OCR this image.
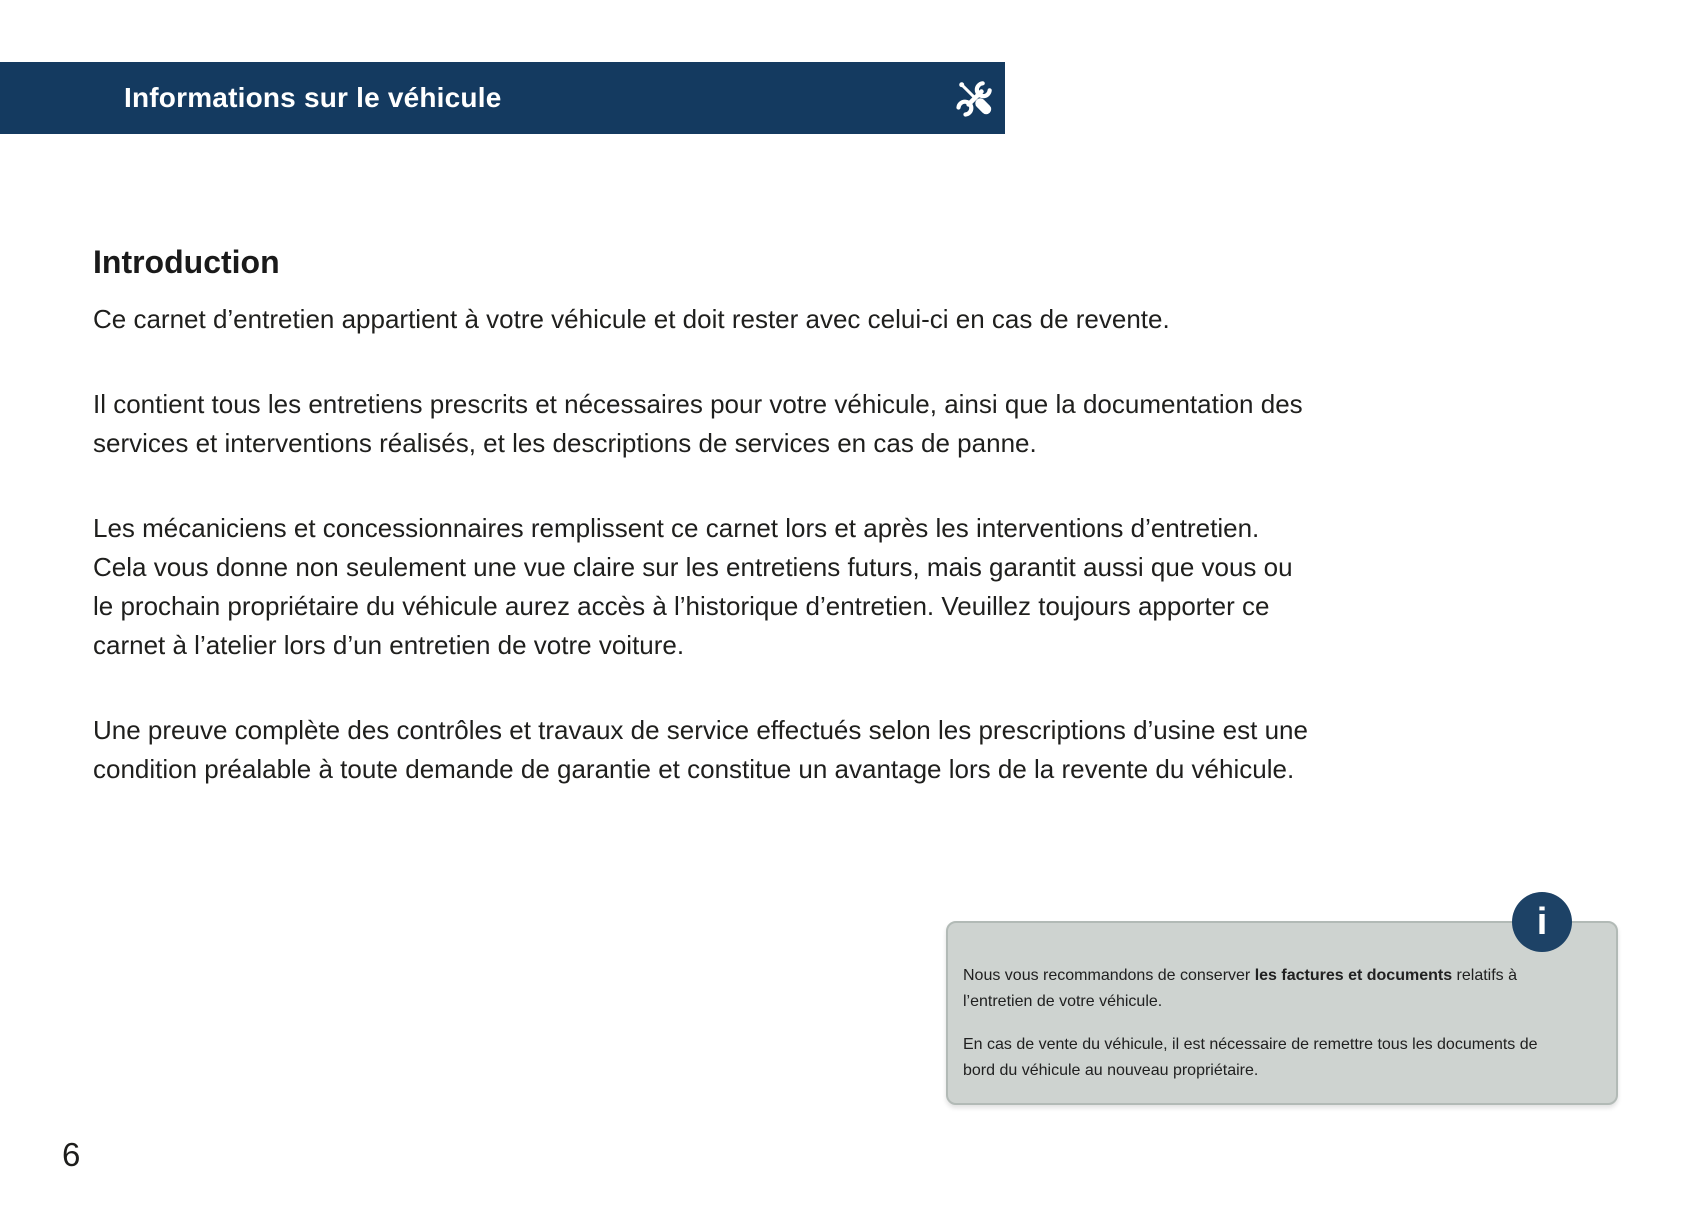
Informations sur le véhicule
Introduction

Ce carnet d’entretien appartient à votre véhicule et doit rester avec celui-ci en cas de revente.

Il contient tous les entretiens prescrits et nécessaires pour votre véhicule, ainsi que la documentation des
services et interventions réalisés, et les descriptions de services en cas de panne.

Les mécaniciens et concessionnaires remplissent ce carnet lors et après les interventions d’entretien.
Cela vous donne non seulement une vue claire sur les entretiens futurs, mais garantit aussi que vous ou
le prochain propriétaire du véhicule aurez accès à l’historique d’entretien. Veuillez toujours apporter ce
carnet à l’atelier lors d’un entretien de votre voiture.

Une preuve complète des contrôles et travaux de service effectués selon les prescriptions d’usine est une
condition préalable à toute demande de garantie et constitue un avantage lors de la revente du véhicule.

Nous vous recommandons de conserver les factures et documents relatifs à l’entretien de votre véhicule.

En cas de vente du véhicule, il est nécessaire de remettre tous les documents de bord du véhicule au nouveau propriétaire.

i
6
